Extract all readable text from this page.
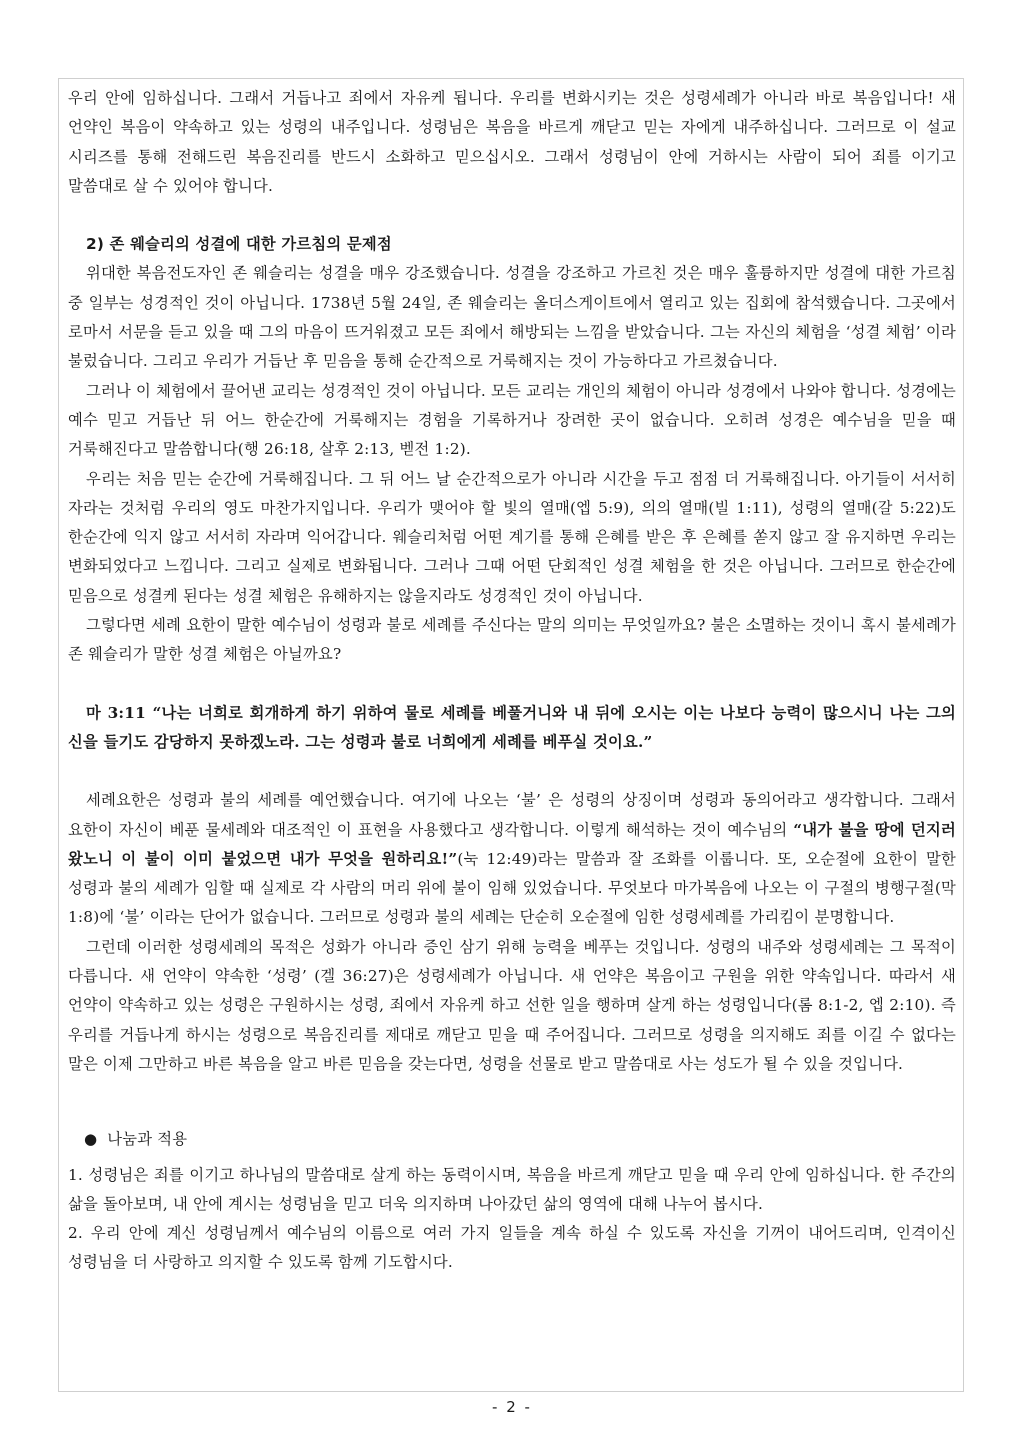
우리 안에 임하십니다. 그래서 거듭나고 죄에서 자유케 됩니다. 우리를 변화시키는 것은 성령세례가 아니라 바로 복음입니다! 새 언약인 복음이 약속하고 있는 성령의 내주입니다. 성령님은 복음을 바르게 깨닫고 믿는 자에게 내주하십니다. 그러므로 이 설교 시리즈를 통해 전해드린 복음진리를 반드시 소화하고 믿으십시오. 그래서 성령님이 안에 거하시는 사람이 되어 죄를 이기고 말씀대로 살 수 있어야 합니다.

2) 존 웨슬리의 성결에 대한 가르침의 문제점

위대한 복음전도자인 존 웨슬리는 성결을 매우 강조했습니다. 성결을 강조하고 가르친 것은 매우 훌륭하지만 성결에 대한 가르침 중 일부는 성경적인 것이 아닙니다. 1738년 5월 24일, 존 웨슬리는 올더스게이트에서 열리고 있는 집회에 참석했습니다. 그곳에서 로마서 서문을 듣고 있을 때 그의 마음이 뜨거워졌고 모든 죄에서 해방되는 느낌을 받았습니다. 그는 자신의 체험을 ‘성결 체험’ 이라 불렀습니다. 그리고 우리가 거듭난 후 믿음을 통해 순간적으로 거룩해지는 것이 가능하다고 가르쳤습니다.

그러나 이 체험에서 끌어낸 교리는 성경적인 것이 아닙니다. 모든 교리는 개인의 체험이 아니라 성경에서 나와야 합니다. 성경에는 예수 믿고 거듭난 뒤 어느 한순간에 거룩해지는 경험을 기록하거나 장려한 곳이 없습니다. 오히려 성경은 예수님을 믿을 때 거룩해진다고 말씀합니다(행 26:18, 살후 2:13, 벧전 1:2).

우리는 처음 믿는 순간에 거룩해집니다. 그 뒤 어느 날 순간적으로가 아니라 시간을 두고 점점 더 거룩해집니다. 아기들이 서서히 자라는 것처럼 우리의 영도 마찬가지입니다. 우리가 맺어야 할 빛의 열매(엡 5:9), 의의 열매(빌 1:11), 성령의 열매(갈 5:22)도 한순간에 익지 않고 서서히 자라며 익어갑니다. 웨슬리처럼 어떤 계기를 통해 은혜를 받은 후 은혜를 쏟지 않고 잘 유지하면 우리는 변화되었다고 느낍니다. 그리고 실제로 변화됩니다. 그러나 그때 어떤 단회적인 성결 체험을 한 것은 아닙니다. 그러므로 한순간에 믿음으로 성결케 된다는 성결 체험은 유해하지는 않을지라도 성경적인 것이 아닙니다.

그렇다면 세례 요한이 말한 예수님이 성령과 불로 세례를 주신다는 말의 의미는 무엇일까요? 불은 소멸하는 것이니 혹시 불세례가 존 웨슬리가 말한 성결 체험은 아닐까요?

마 3:11 “나는 너희로 회개하게 하기 위하여 물로 세례를 베풀거니와 내 뒤에 오시는 이는 나보다 능력이 많으시니 나는 그의 신을 들기도 감당하지 못하겠노라. 그는 성령과 불로 너희에게 세례를 베푸실 것이요.”

세례요한은 성령과 불의 세례를 예언했습니다. 여기에 나오는 ‘불’ 은 성령의 상징이며 성령과 동의어라고 생각합니다. 그래서 요한이 자신이 베푼 물세례와 대조적인 이 표현을 사용했다고 생각합니다. 이렇게 해석하는 것이 예수님의 “내가 불을 땅에 던지러 왔노니 이 불이 이미 붙었으면 내가 무엇을 원하리요!”(눅 12:49)라는 말씀과 잘 조화를 이룹니다. 또, 오순절에 요한이 말한 성령과 불의 세례가 임할 때 실제로 각 사람의 머리 위에 불이 임해 있었습니다. 무엇보다 마가복음에 나오는 이 구절의 병행구절(막 1:8)에 ‘불’ 이라는 단어가 없습니다. 그러므로 성령과 불의 세례는 단순히 오순절에 임한 성령세례를 가리킴이 분명합니다.

그런데 이러한 성령세례의 목적은 성화가 아니라 증인 삼기 위해 능력을 베푸는 것입니다. 성령의 내주와 성령세례는 그 목적이 다릅니다. 새 언약이 약속한 ‘성령’ (겔 36:27)은 성령세례가 아닙니다. 새 언약은 복음이고 구원을 위한 약속입니다. 따라서 새 언약이 약속하고 있는 성령은 구원하시는 성령, 죄에서 자유케 하고 선한 일을 행하며 살게 하는 성령입니다(롬 8:1-2, 엡 2:10). 즉 우리를 거듭나게 하시는 성령으로 복음진리를 제대로 깨닫고 믿을 때 주어집니다. 그러므로 성령을 의지해도 죄를 이길 수 없다는 말은 이제 그만하고 바른 복음을 알고 바른 믿음을 갖는다면, 성령을 선물로 받고 말씀대로 사는 성도가 될 수 있을 것입니다.

● 나눔과 적용

1. 성령님은 죄를 이기고 하나님의 말씀대로 살게 하는 동력이시며, 복음을 바르게 깨닫고 믿을 때 우리 안에 임하십니다. 한 주간의 삶을 돌아보며, 내 안에 계시는 성령님을 믿고 더욱 의지하며 나아갔던 삶의 영역에 대해 나누어 봅시다.

2. 우리 안에 계신 성령님께서 예수님의 이름으로 여러 가지 일들을 계속 하실 수 있도록 자신을 기꺼이 내어드리며, 인격이신 성령님을 더 사랑하고 의지할 수 있도록 함께 기도합시다.

- 2 -
